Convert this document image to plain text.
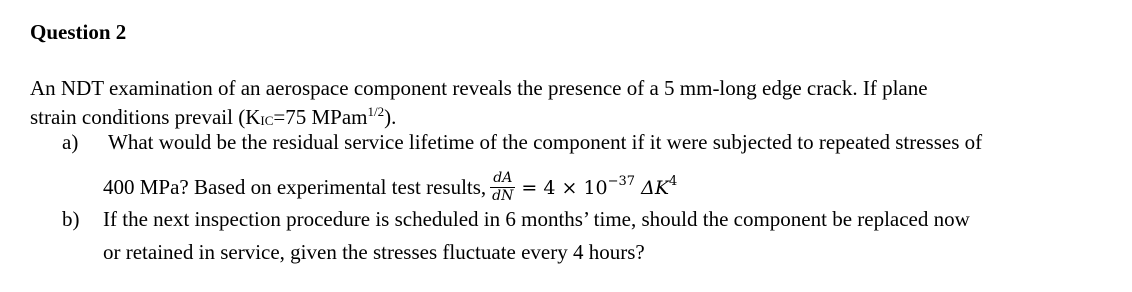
Question 2
An NDT examination of an aerospace component reveals the presence of a 5 mm-long edge crack. If plane
strain conditions prevail (KIC=75 MPam$^{1/2}$).
a) What would be the residual service lifetime of the component if it were subjected to repeated stresses of
400 MPa? Based on experimental test results, $\frac{dA}{dN} = 4 \times 10^{-37}$ $\Delta K^4$
b) If the next inspection procedure is scheduled in 6 months’ time, should the component be replaced now
or retained in service, given the stresses fluctuate every 4 hours?
